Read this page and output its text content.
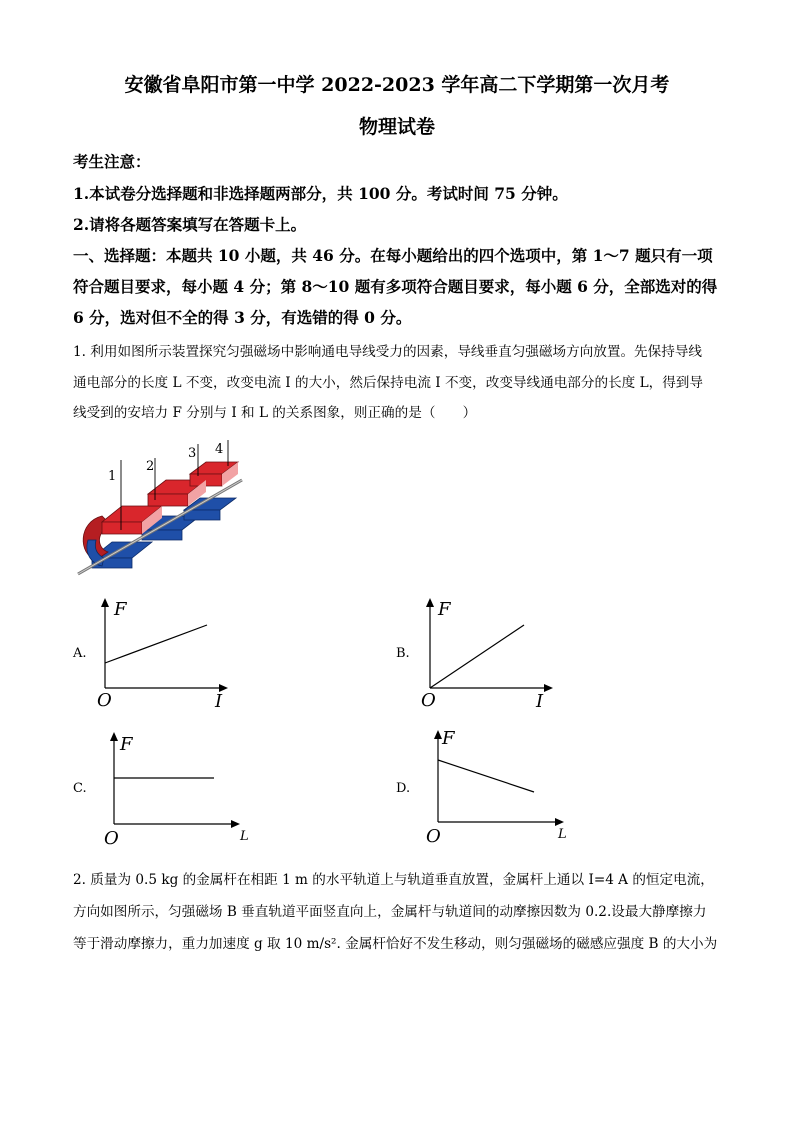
安徽省阜阳市第一中学 2022-2023 学年高二下学期第一次月考
物理试卷
考生注意：
1.本试卷分选择题和非选择题两部分，共 100 分。考试时间 75 分钟。
2.请将各题答案填写在答题卡上。
一、选择题：本题共 10 小题，共 46 分。在每小题给出的四个选项中，第 1～7 题只有一项
符合题目要求，每小题 4 分；第 8～10 题有多项符合题目要求，每小题 6 分，全部选对的得
6 分，选对但不全的得 3 分，有选错的得 0 分。
1. 利用如图所示装置探究匀强磁场中影响通电导线受力的因素，导线垂直匀强磁场方向放置。先保持导线
通电部分的长度 L 不变，改变电流 I 的大小，然后保持电流 I 不变，改变导线通电部分的长度 L，得到导
线受到的安培力 F 分别与 I 和 L 的关系图象，则正确的是（　　）
1
2
3 4
A.
F
I
O
B.
F
I
O
C.
F
L
O
D.
F
L
O
2. 质量为 0.5 kg 的金属杆在相距 1 m 的水平轨道上与轨道垂直放置，金属杆上通以 I=4 A 的恒定电流，
方向如图所示，匀强磁场 B 垂直轨道平面竖直向上，金属杆与轨道间的动摩擦因数为 0.2.设最大静摩擦力
等于滑动摩擦力，重力加速度 g 取 10 m/s². 金属杆恰好不发生移动，则匀强磁场的磁感应强度 B 的大小为
